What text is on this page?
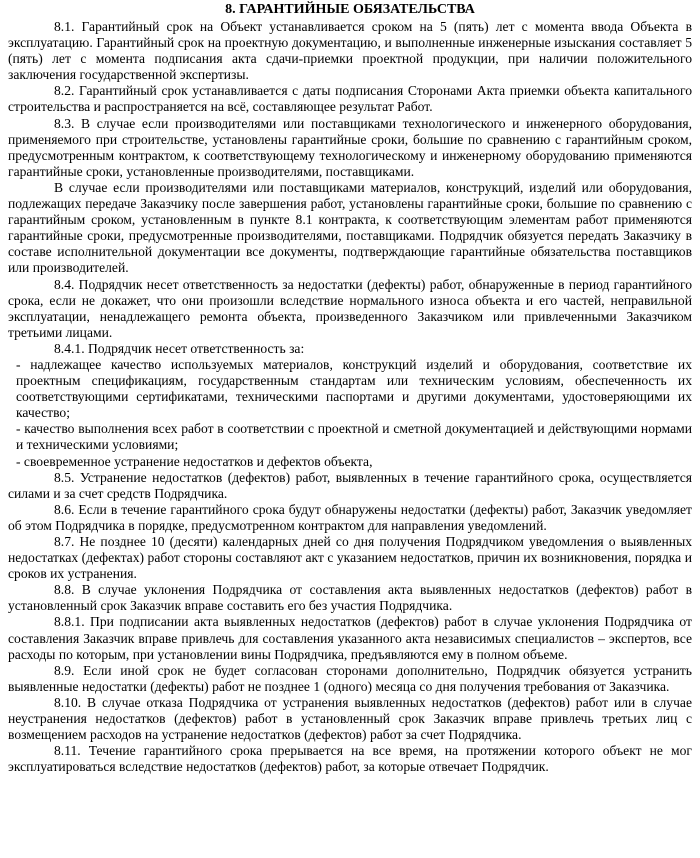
8. ГАРАНТИЙНЫЕ ОБЯЗАТЕЛЬСТВА

8.1. Гарантийный срок на Объект устанавливается сроком на 5 (пять) лет с момента ввода Объекта в эксплуатацию. Гарантийный срок на проектную документацию, и выполненные инженерные изыскания составляет 5 (пять) лет с момента подписания акта сдачи-приемки проектной продукции, при наличии положительного заключения государственной экспертизы.

8.2. Гарантийный срок устанавливается с даты подписания Сторонами Акта приемки объекта капитального строительства и распространяется на всё, составляющее результат Работ.

8.3. В случае если производителями или поставщиками технологического и инженерного оборудования, применяемого при строительстве, установлены гарантийные сроки, большие по сравнению с гарантийным сроком, предусмотренным контрактом, к соответствующему технологическому и инженерному оборудованию применяются гарантийные сроки, установленные производителями, поставщиками.

В случае если производителями или поставщиками материалов, конструкций, изделий или оборудования, подлежащих передаче Заказчику после завершения работ, установлены гарантийные сроки, большие по сравнению с гарантийным сроком, установленным в пункте 8.1 контракта, к соответствующим элементам работ применяются гарантийные сроки, предусмотренные производителями, поставщиками. Подрядчик обязуется передать Заказчику в составе исполнительной документации все документы, подтверждающие гарантийные обязательства поставщиков или производителей.

8.4. Подрядчик несет ответственность за недостатки (дефекты) работ, обнаруженные в период гарантийного срока, если не докажет, что они произошли вследствие нормального износа объекта и его частей, неправильной эксплуатации, ненадлежащего ремонта объекта, произведенного Заказчиком или привлеченными Заказчиком третьими лицами.

8.4.1. Подрядчик несет ответственность за:

- надлежащее качество используемых материалов, конструкций изделий и оборудования, соответствие их проектным спецификациям, государственным стандартам или техническим условиям, обеспеченность их соответствующими сертификатами, техническими паспортами и другими документами, удостоверяющими их качество;

- качество выполнения всех работ в соответствии с проектной и сметной документацией и действующими нормами и техническими условиями;

- своевременное устранение недостатков и дефектов объекта,

8.5. Устранение недостатков (дефектов) работ, выявленных в течение гарантийного срока, осуществляется силами и за счет средств Подрядчика.

8.6. Если в течение гарантийного срока будут обнаружены недостатки (дефекты) работ, Заказчик уведомляет об этом Подрядчика в порядке, предусмотренном контрактом для направления уведомлений.

8.7. Не позднее 10 (десяти) календарных дней со дня получения Подрядчиком уведомления о выявленных недостатках (дефектах) работ стороны составляют акт с указанием недостатков, причин их возникновения, порядка и сроков их устранения.

8.8. В случае уклонения Подрядчика от составления акта выявленных недостатков (дефектов) работ в установленный срок Заказчик вправе составить его без участия Подрядчика.

8.8.1. При подписании акта выявленных недостатков (дефектов) работ в случае уклонения Подрядчика от составления Заказчик вправе привлечь для составления указанного акта независимых специалистов – экспертов, все расходы по которым, при установлении вины Подрядчика, предъявляются ему в полном объеме.

8.9. Если иной срок не будет согласован сторонами дополнительно, Подрядчик обязуется устранить выявленные недостатки (дефекты) работ не позднее 1 (одного) месяца со дня получения требования от Заказчика.

8.10. В случае отказа Подрядчика от устранения выявленных недостатков (дефектов) работ или в случае неустранения недостатков (дефектов) работ в установленный срок Заказчик вправе привлечь третьих лиц с возмещением расходов на устранение недостатков (дефектов) работ за счет Подрядчика.

8.11. Течение гарантийного срока прерывается на все время, на протяжении которого объект не мог эксплуатироваться вследствие недостатков (дефектов) работ, за которые отвечает Подрядчик.
